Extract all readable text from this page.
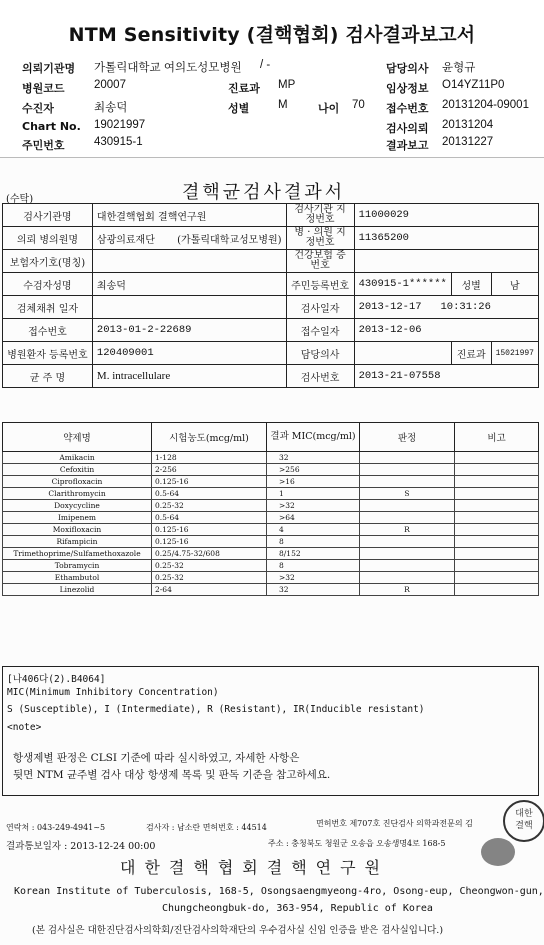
NTM Sensitivity (결핵협회) 검사결과보고서
의뢰기관명 가톨릭대학교 여의도성모병원 / -
병원코드	20007
수진자	최송덕
Chart No. 19021997
주민번호	430915-1
진료과 MP
성별 M	나이 70
담당의사 윤형규
임상정보 O14YZ11P0
접수번호 20131204-09001
검사의뢰 20131204
결과보고 20131227
(수탁)	결핵균검사결과서
검사기관명	대한결핵협회 결핵연구원	검사기관 지정번호	11000029		
의뢰 병의원명	삼광의료재단 (가톨릭대학교성모병원)	병 · 의원 지정번호	11365200		
보험자기호(명칭)		건강보험 증번호			
수검자성명	최송덕	주민등록번호	430915-1******	성별	남
검체채취 일자		검사일자	2013-12-17 10:31:26		
접수번호	2013-01-2-22689	접수일자	2013-12-06		
병원환자 등록번호	120409001	담당의사		진료과	15021997
균 주 명	M. intracellulare	검사번호	2013-21-07558		
약제명	시험농도(mcg/ml)	결과 MIC(mcg/ml)	판정	비고
Amikacin	1-128	32		
Cefoxitin	2-256	>256		
Ciprofloxacin	0.125-16	>16		
Clarithromycin	0.5-64	1	S	
Doxycycline	0.25-32	>32		
Imipenem	0.5-64	>64		
Moxifloxacin	0.125-16	4	R	
Rifampicin	0.125-16	8		
Trimethoprime/Sulfamethoxazole	0.25/4.75-32/608	8/152		
Tobramycin	0.25-32	8		
Ethambutol	0.25-32	>32		
Linezolid	2-64	32	R	
[나406다(2).B4064]
MIC(Minimum Inhibitory Concentration)
S (Susceptible), I (Intermediate), R (Resistant), IR(Inducible resistant)
<note>
항생제별 판정은 CLSI 기준에 따라 실시하였고, 자세한 사항은
뒷면 NTM 균주별 검사 대상 항생제 목록 및 판독 기준을 참고하세요.
연락처 : 043-249-4941~5	검사자 : 남소란 면허번호 : 44514	면허번호 제707호 진단검사 의학과전문의 김
결과통보일자 : 2013-12-24 00:00	주소 : 충청북도 청원군 오송읍 오송생명4로 168-5
대한결핵협회결핵연구원
Korean Institute of Tuberculosis, 168-5, Osongsaengmyeong-4ro, Osong-eup, Cheongwon-gun,
Chungcheongbuk-do, 363-954, Republic of Korea
(본 검사실은 대한진단검사의학회/진단검사의학재단의 우수검사실 신임 인증을 받은 검사실입니다.)
대한결핵
